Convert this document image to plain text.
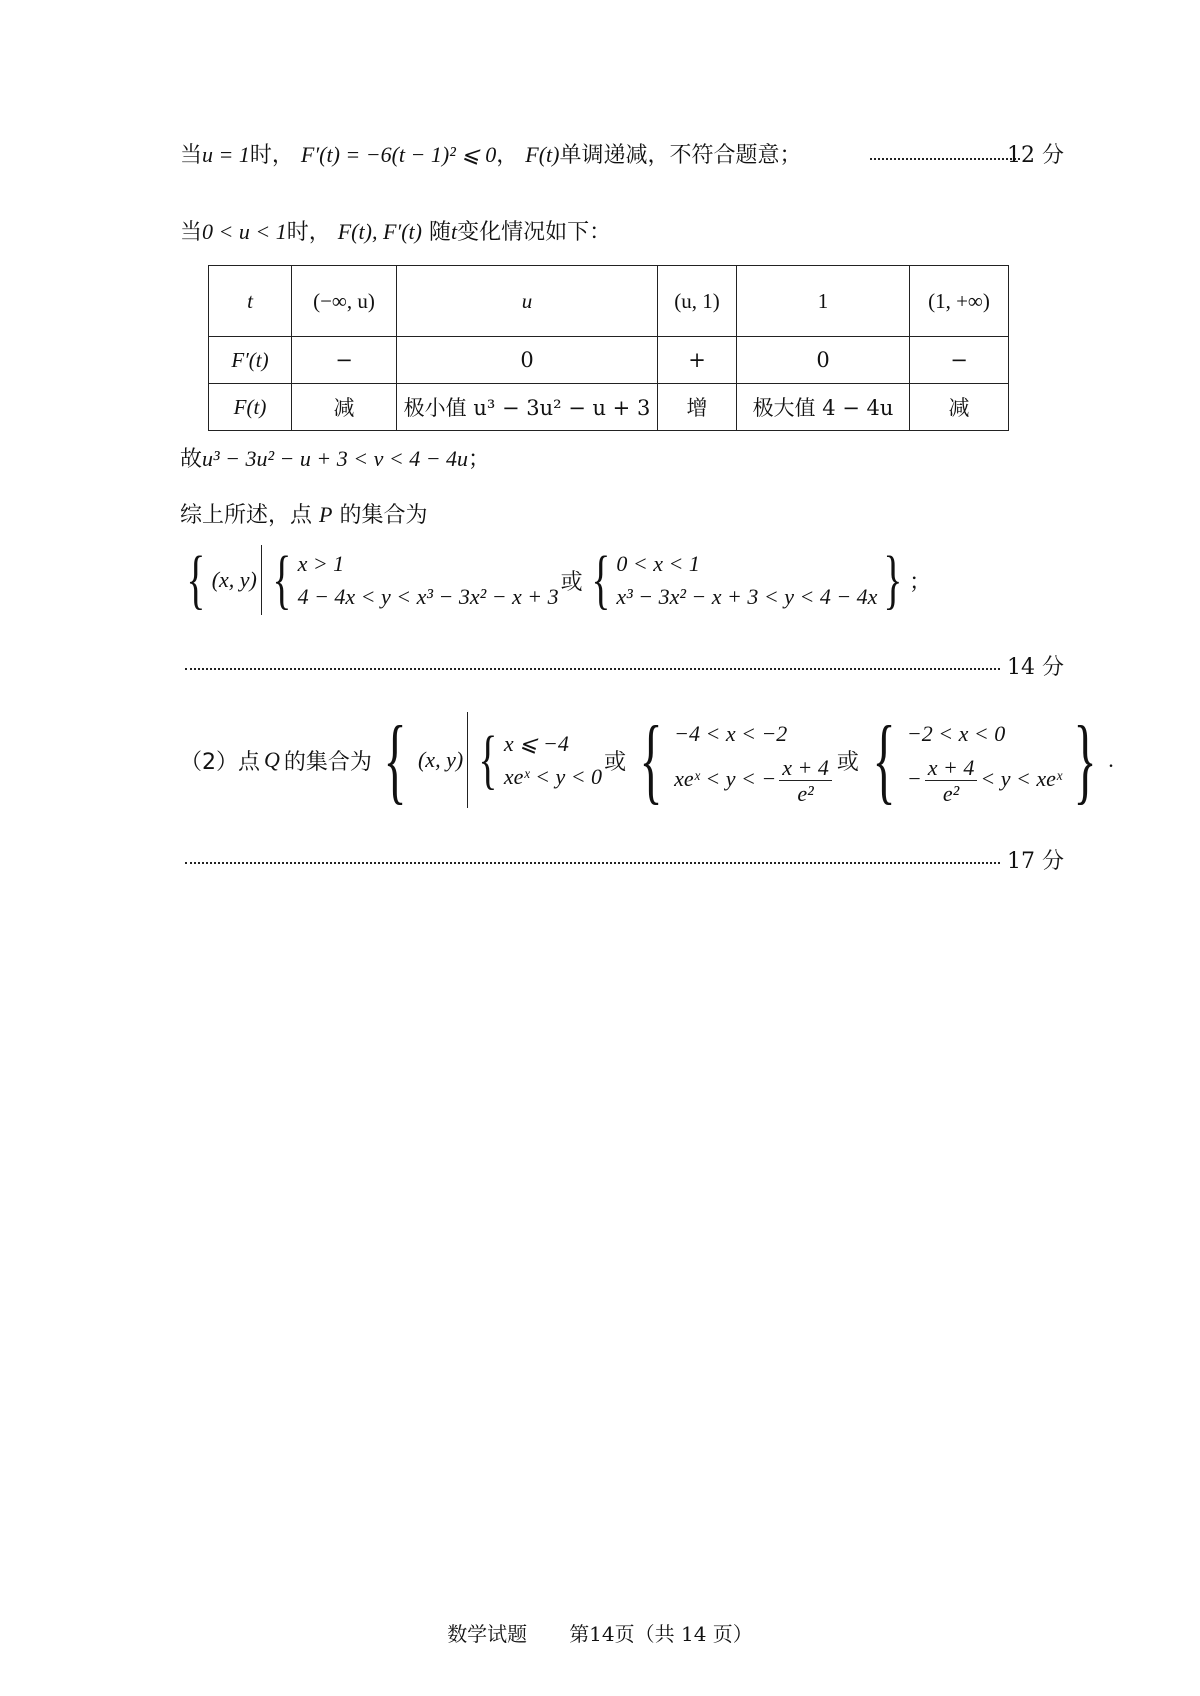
当u = 1时， F′(t) = −6(t − 1)² ⩽ 0， F(t)单调递减，不符合题意；	12 分
当0 < u < 1时， F(t), F′(t) 随t变化情况如下：
t	(−∞, u)	u	(u, 1)	1	(1, +∞)
F′(t)	−	0	+	0	−
F(t)	减	极小值 u³ − 3u² − u + 3	增	极大值 4 − 4u	减
故u³ − 3u² − u + 3 < v < 4 − 4u；
综上所述，点 P 的集合为
{ (x, y) { x > 1
4 − 4x < y < x³ − 3x² − x + 3
或 { 0 < x < 1
x³ − 3x² − x + 3 < y < 4 − 4x } ；
14 分
（2）点 Q 的集合为 { (x, y) { x ⩽ −4
xeˣ < y < 0
或 { −4 < x < −2
xeˣ < y < − $\frac{x + 4}{\text{e²}}$ 或 { −2 < x < 0
− $\frac{x + 4}{\text{e²}} < y$ < xeˣ } .
17 分
数学试题 第14页（共 14 页）
